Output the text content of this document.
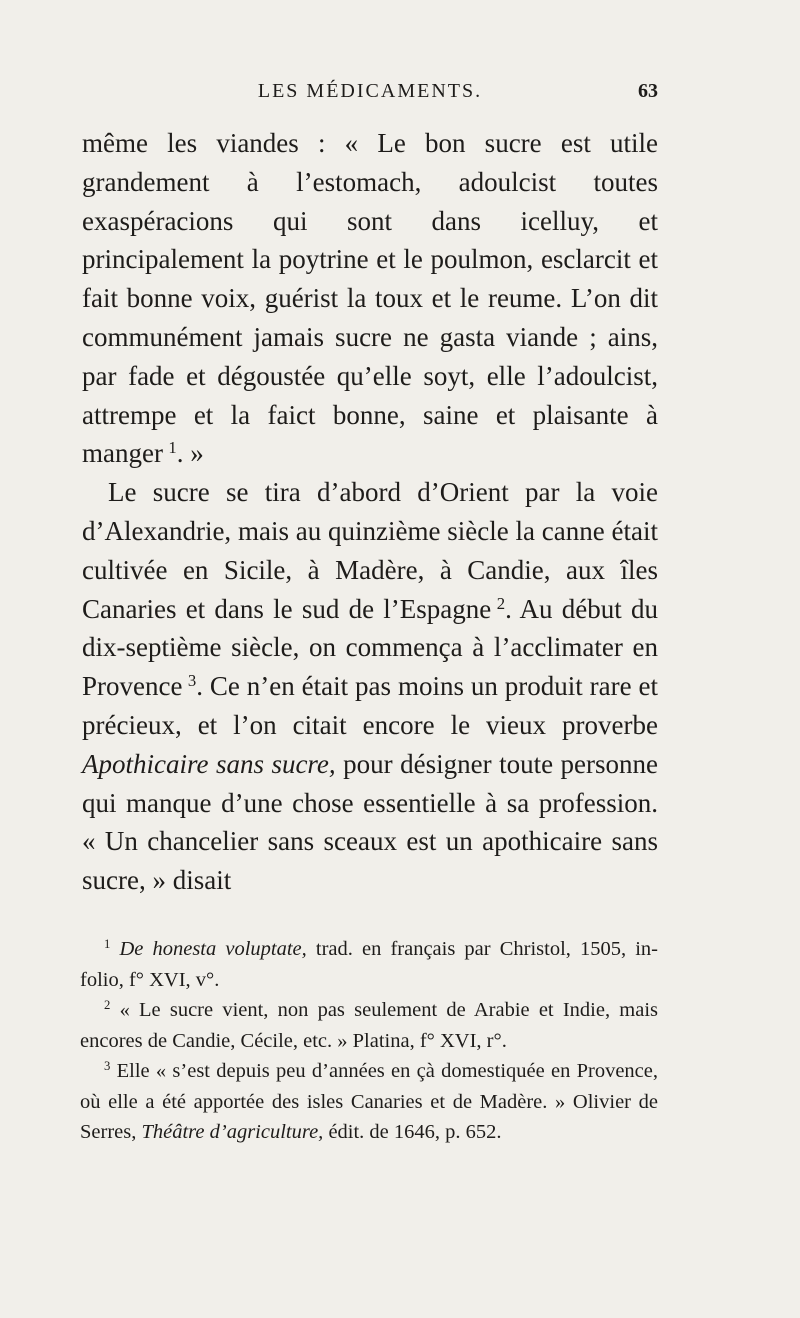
LES MÉDICAMENTS.	63

même les viandes : « Le bon sucre est utile grandement à l’estomach, adoulcist toutes exaspéracions qui sont dans icelluy, et principalement la poytrine et le poulmon, esclarcit et fait bonne voix, guérist la toux et le reume. L’on dit communément jamais sucre ne gasta viande ; ains, par fade et dégoustée qu’elle soyt, elle l’adoulcist, attrempe et la faict bonne, saine et plaisante à manger  $^1$. »

Le sucre se tira d’abord d’Orient par la voie d’Alexandrie, mais au quinzième siècle la canne était cultivée en Sicile, à Madère, à Candie, aux îles Canaries et dans le sud de l’Espagne  $^2$. Au début du dix-septième siècle, on commença à l’acclimater en Provence  $^3$. Ce n’en était pas moins un produit rare et précieux, et l’on citait encore le vieux proverbe Apothicaire sans sucre, pour désigner toute personne qui manque d’une chose essentielle à sa profession. « Un chancelier sans sceaux est un apothicaire sans sucre, » disait

$^1$ De honesta voluptate, trad. en français par Christol, 1505, in-folio, f° XVI, v°.

$^2$ « Le sucre vient, non pas seulement de Arabie et Indie, mais encores de Candie, Cécile, etc. » Platina, f° XVI, r°.

$^3$ Elle « s’est depuis peu d’années en çà domestiquée en Provence, où elle a été apportée des isles Canaries et de Madère. » Olivier de Serres, Théâtre d’agriculture, édit. de 1646, p. 652.
